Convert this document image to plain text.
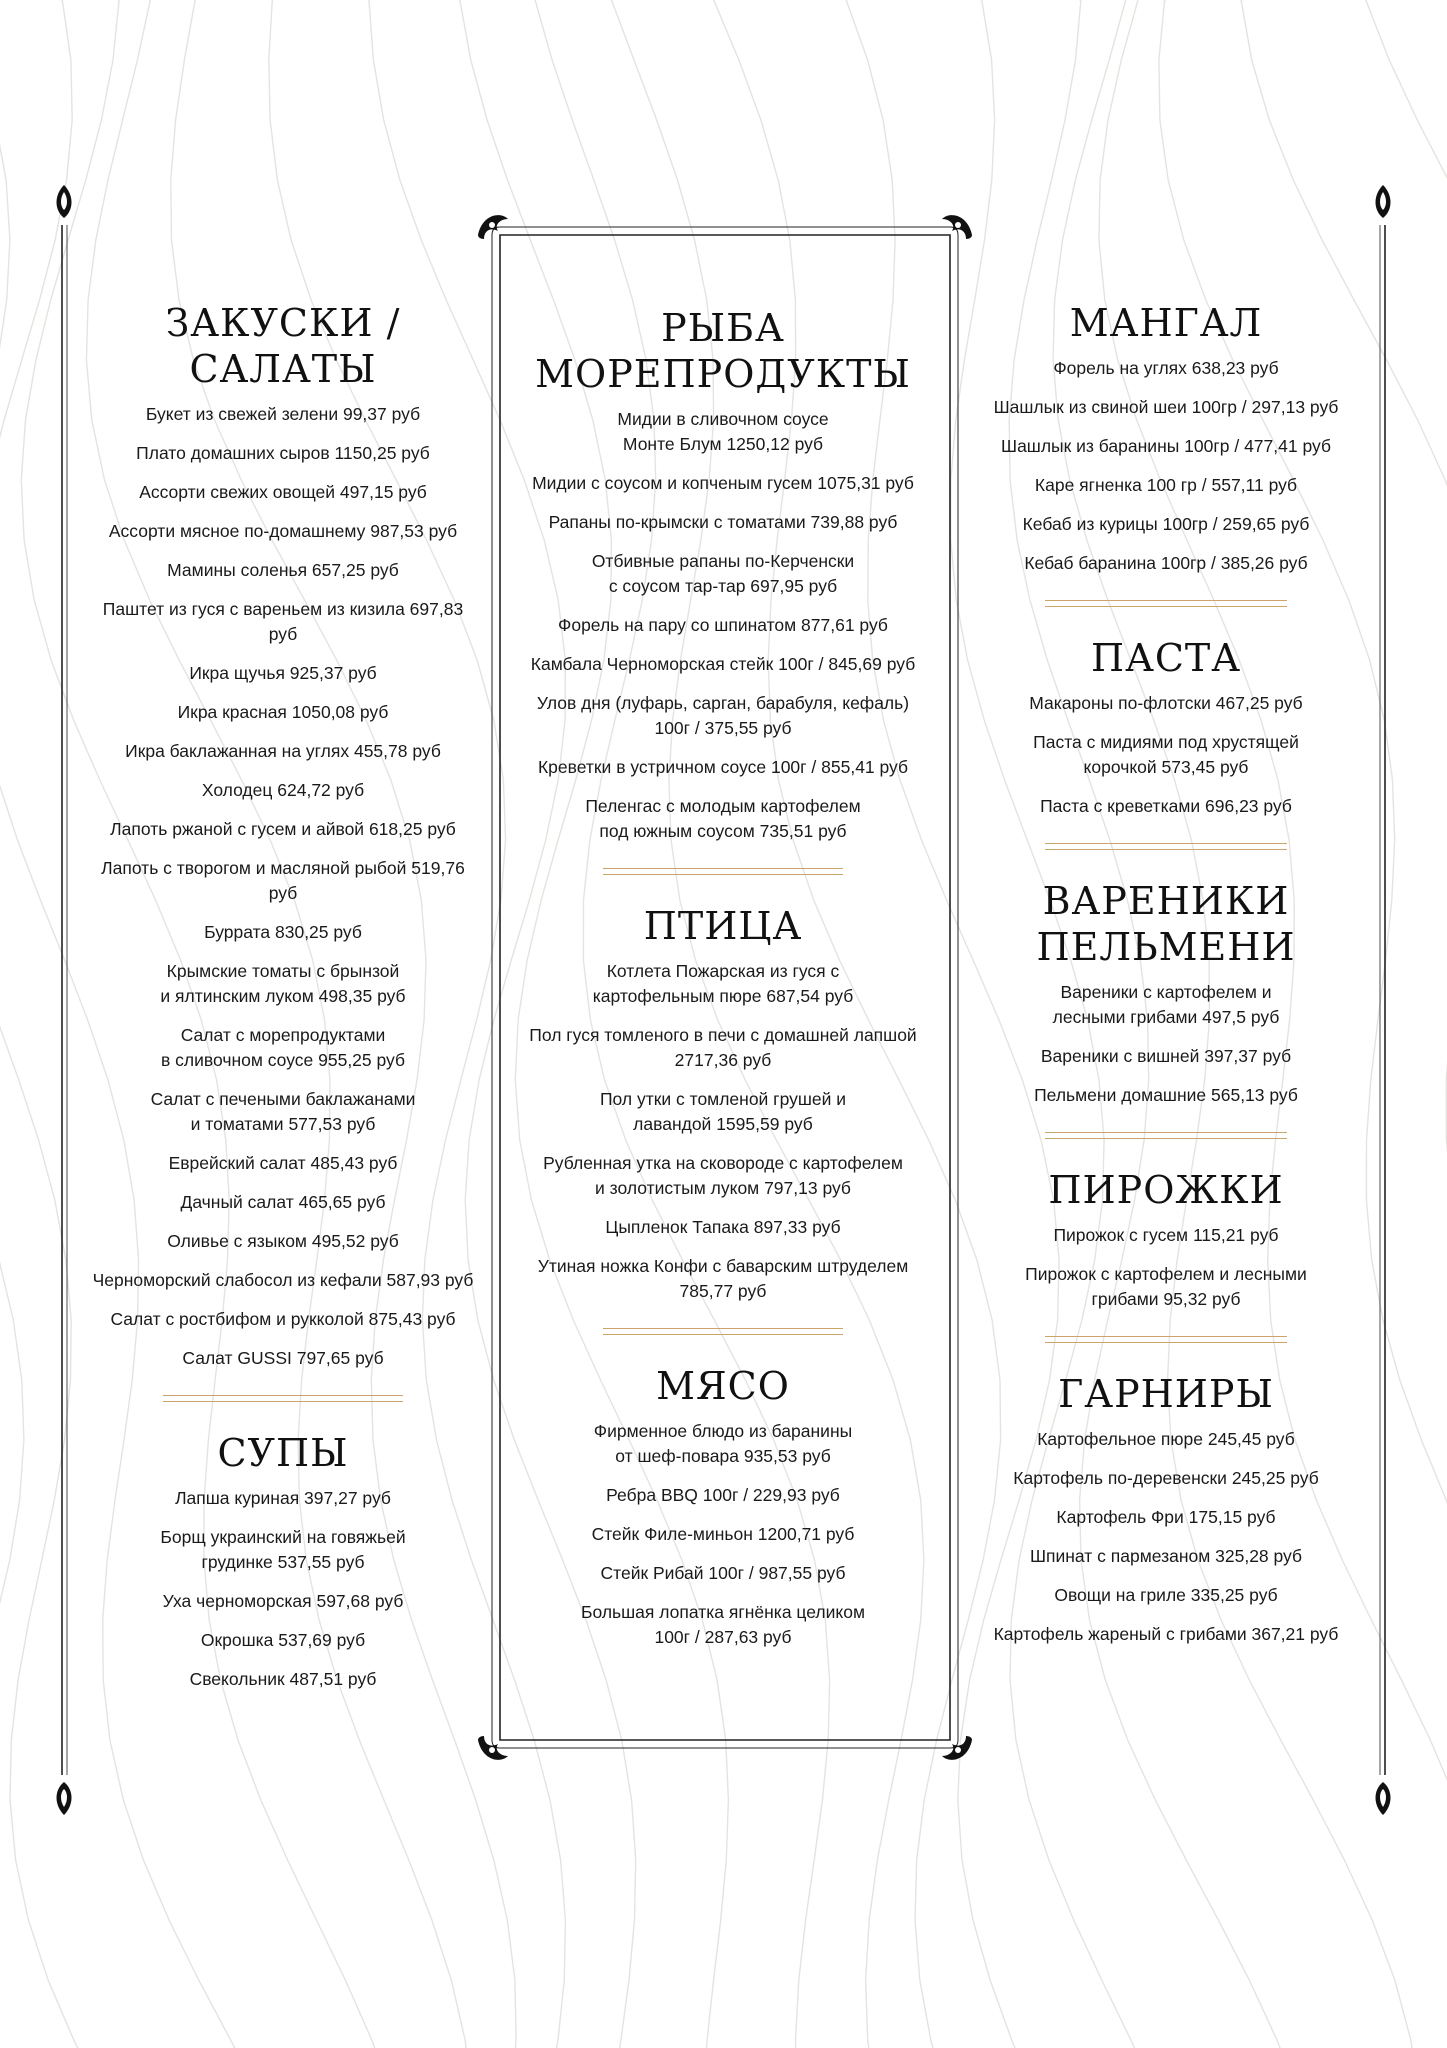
ЗАКУСКИ / САЛАТЫ

Букет из свежей зелени 99,37 руб

Плато домашних сыров 1150,25 руб

Ассорти свежих овощей 497,15 руб

Ассорти мясное по-домашнему 987,53 руб

Мамины соленья 657,25 руб

Паштет из гуся с вареньем из кизила 697,83 руб

Икра щучья 925,37 руб

Икра красная 1050,08 руб

Икра баклажанная на углях 455,78 руб

Холодец 624,72 руб

Лапоть ржаной с гусем и айвой 618,25 руб

Лапоть с творогом и масляной рыбой 519,76 руб

Буррата 830,25 руб

Крымские томаты с брынзой
и ялтинским луком 498,35 руб

Салат с морепродуктами
в сливочном соусе 955,25 руб

Салат с печеными баклажанами
и томатами 577,53 руб

Еврейский салат 485,43 руб

Дачный салат 465,65 руб

Оливье с языком 495,52 руб

Черноморский слабосол из кефали 587,93 руб

Салат с ростбифом и рукколой 875,43 руб

Салат GUSSI 797,65 руб

СУПЫ

Лапша куриная 397,27 руб

Борщ украинский на говяжьей
грудинке 537,55 руб

Уха черноморская 597,68 руб

Окрошка 537,69 руб

Свекольник 487,51 руб

РЫБА
МОРЕПРОДУКТЫ

Мидии в сливочном соусе
Монте Блум 1250,12 руб

Мидии с соусом и копченым гусем 1075,31 руб

Рапаны по-крымски с томатами 739,88 руб

Отбивные рапаны по-Керченски
с соусом тар-тар 697,95 руб

Форель на пару со шпинатом 877,61 руб

Камбала Черноморская стейк 100г / 845,69 руб

Улов дня (луфарь, сарган, барабуля, кефаль)
100г / 375,55 руб

Креветки в устричном соусе 100г / 855,41 руб

Пеленгас с молодым картофелем
под южным соусом 735,51 руб

ПТИЦА

Котлета Пожарская из гуся с
картофельным пюре 687,54 руб

Пол гуся томленого в печи с домашней лапшой
2717,36 руб

Пол утки с томленой грушей и
лавандой 1595,59 руб

Рубленная утка на сковороде с картофелем
и золотистым луком 797,13 руб

Цыпленок Тапака 897,33 руб

Утиная ножка Конфи с баварским штруделем
785,77 руб

МЯСО

Фирменное блюдо из баранины
от шеф-повара 935,53 руб

Ребра BBQ 100г / 229,93 руб

Стейк Филе-миньон 1200,71 руб

Стейк Рибай 100г / 987,55 руб

Большая лопатка ягнёнка целиком
100г / 287,63 руб

МАНГАЛ

Форель на углях 638,23 руб

Шашлык из свиной шеи 100гр / 297,13 руб

Шашлык из баранины 100гр / 477,41 руб

Каре ягненка 100 гр / 557,11 руб

Кебаб из курицы 100гр / 259,65 руб

Кебаб баранина 100гр / 385,26 руб

ПАСТА

Макароны по-флотски 467,25 руб

Паста с мидиями под хрустящей
корочкой 573,45 руб

Паста с креветками 696,23 руб

ВАРЕНИКИ
ПЕЛЬМЕНИ

Вареники с картофелем и
лесными грибами 497,5 руб

Вареники с вишней 397,37 руб

Пельмени домашние 565,13 руб

ПИРОЖКИ

Пирожок с гусем 115,21 руб

Пирожок с картофелем и лесными
грибами 95,32 руб

ГАРНИРЫ

Картофельное пюре 245,45 руб

Картофель по-деревенски 245,25 руб

Картофель Фри 175,15 руб

Шпинат с пармезаном 325,28 руб

Овощи на гриле 335,25 руб

Картофель жареный с грибами 367,21 руб
